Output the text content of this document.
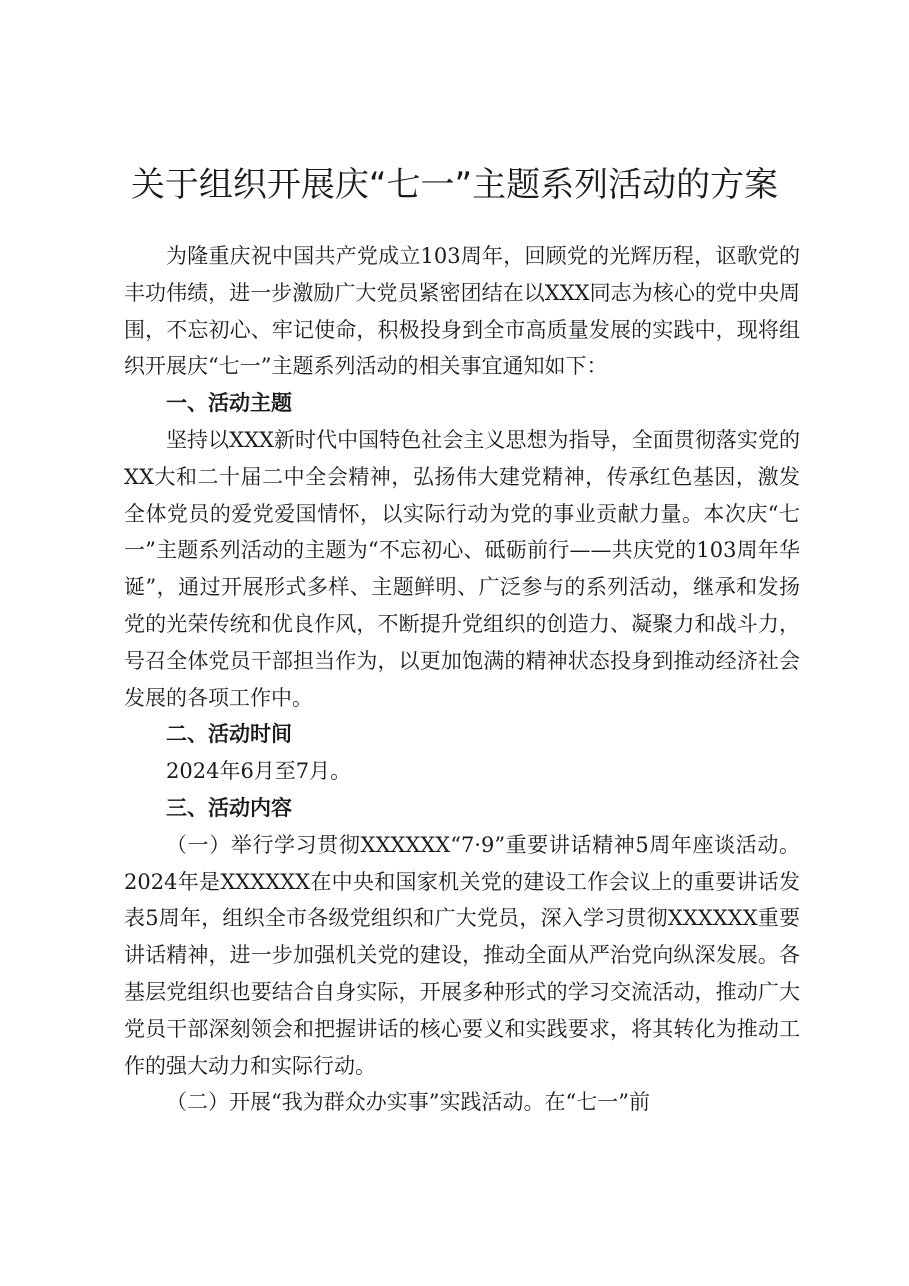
关于组织开展庆“七一”主题系列活动的方案

为隆重庆祝中国共产党成立103周年，回顾党的光辉历程，讴歌党的丰功伟绩，进一步激励广大党员紧密团结在以XXX同志为核心的党中央周围，不忘初心、牢记使命，积极投身到全市高质量发展的实践中，现将组织开展庆“七一”主题系列活动的相关事宜通知如下：

一、活动主题

坚持以XXX新时代中国特色社会主义思想为指导，全面贯彻落实党的XX大和二十届二中全会精神，弘扬伟大建党精神，传承红色基因，激发全体党员的爱党爱国情怀，以实际行动为党的事业贡献力量。本次庆“七一”主题系列活动的主题为“不忘初心、砥砺前行——共庆党的103周年华诞”，通过开展形式多样、主题鲜明、广泛参与的系列活动，继承和发扬党的光荣传统和优良作风，不断提升党组织的创造力、凝聚力和战斗力，号召全体党员干部担当作为，以更加饱满的精神状态投身到推动经济社会发展的各项工作中。

二、活动时间

2024年6月至7月。

三、活动内容

（一）举行学习贯彻XXXXXX“7·9”重要讲话精神5周年座谈活动。2024年是XXXXXX在中央和国家机关党的建设工作会议上的重要讲话发表5周年，组织全市各级党组织和广大党员，深入学习贯彻XXXXXX重要讲话精神，进一步加强机关党的建设，推动全面从严治党向纵深发展。各基层党组织也要结合自身实际，开展多种形式的学习交流活动，推动广大党员干部深刻领会和把握讲话的核心要义和实践要求，将其转化为推动工作的强大动力和实际行动。

（二）开展“我为群众办实事”实践活动。在“七一”前
